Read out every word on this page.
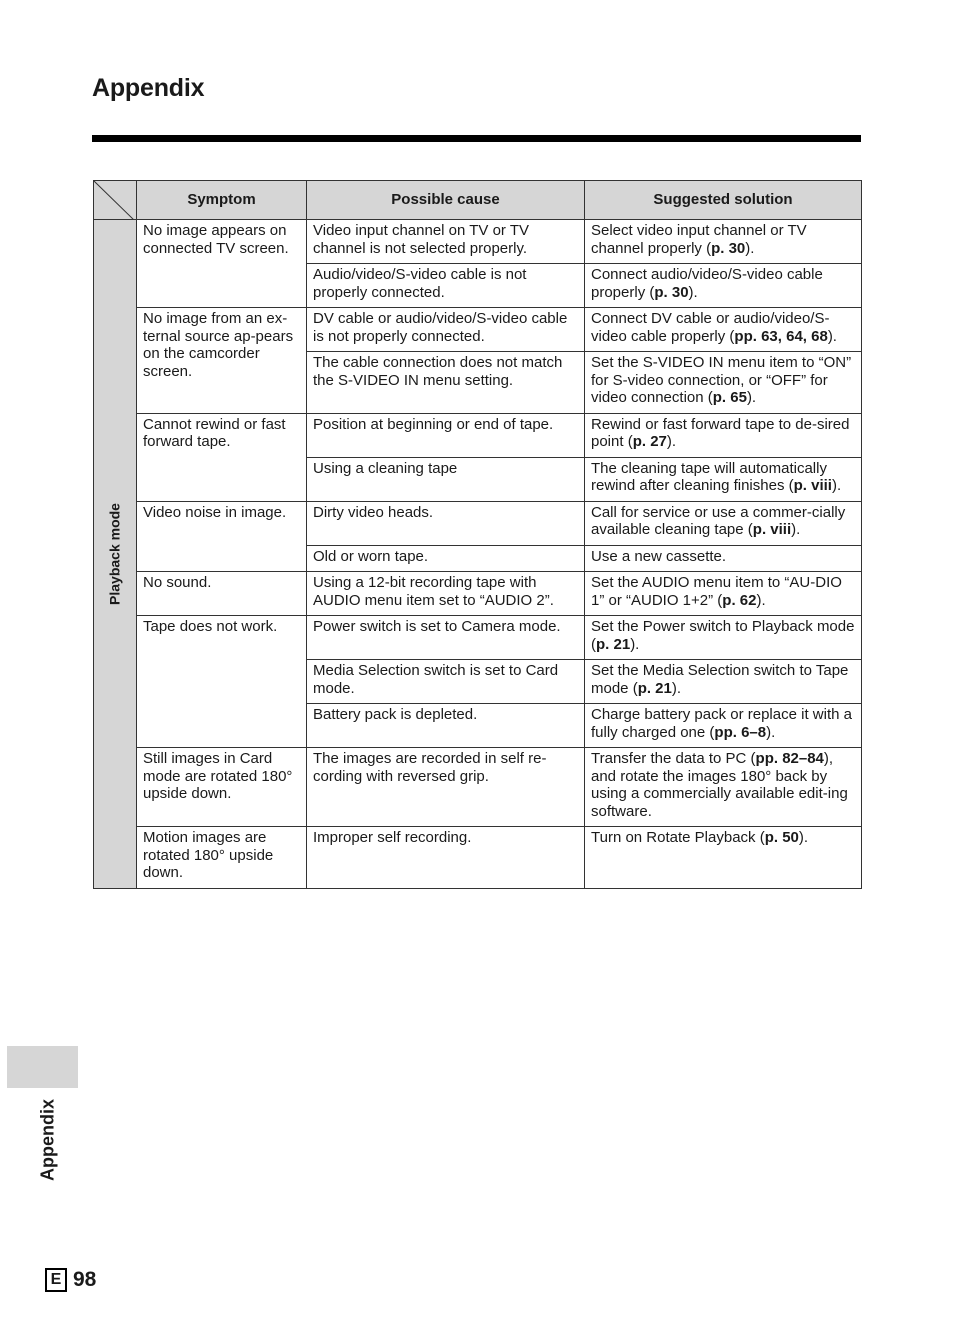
Appendix
	Symptom	Possible cause	Suggested solution

Playback mode	No image appears on connected TV screen.	Video input channel on TV or TV channel is not selected properly.	Select video input channel or TV channel properly (p. 30).
		Audio/video/S-video cable is not properly connected.	Connect audio/video/S-video cable properly (p. 30).
	No image from an ex-ternal source ap-pears on the camcorder screen.	DV cable or audio/video/S-video cable is not properly connected.	Connect DV cable or audio/video/S-video cable properly (pp. 63, 64, 68).
		The cable connection does not match the S-VIDEO IN menu setting.	Set the S-VIDEO IN menu item to “ON” for S-video connection, or “OFF” for video connection (p. 65).
	Cannot rewind or fast forward tape.	Position at beginning or end of tape.	Rewind or fast forward tape to de-sired point (p. 27).
		Using a cleaning tape	The cleaning tape will automatically rewind after cleaning finishes (p. viii).
	Video noise in image.	Dirty video heads.	Call for service or use a commer-cially available cleaning tape (p. viii).
		Old or worn tape.	Use a new cassette.
	No sound.	Using a 12-bit recording tape with AUDIO menu item set to “AUDIO 2”.	Set the AUDIO menu item to “AU-DIO 1” or “AUDIO 1+2” (p. 62).
	Tape does not work.	Power switch is set to Camera mode.	Set the Power switch to Playback mode (p. 21).
		Media Selection switch is set to Card mode.	Set the Media Selection switch to Tape mode (p. 21).
		Battery pack is depleted.	Charge battery pack or replace it with a fully charged one (pp. 6–8).
	Still images in Card mode are rotated 180° upside down.	The images are recorded in self re-cording with reversed grip.	Transfer the data to PC (pp. 82–84), and rotate the images 180° back by using a commercially available edit-ing software.
	Motion images are rotated 180° upside down.	Improper self recording.	Turn on Rotate Playback (p. 50).
Appendix
E 98
